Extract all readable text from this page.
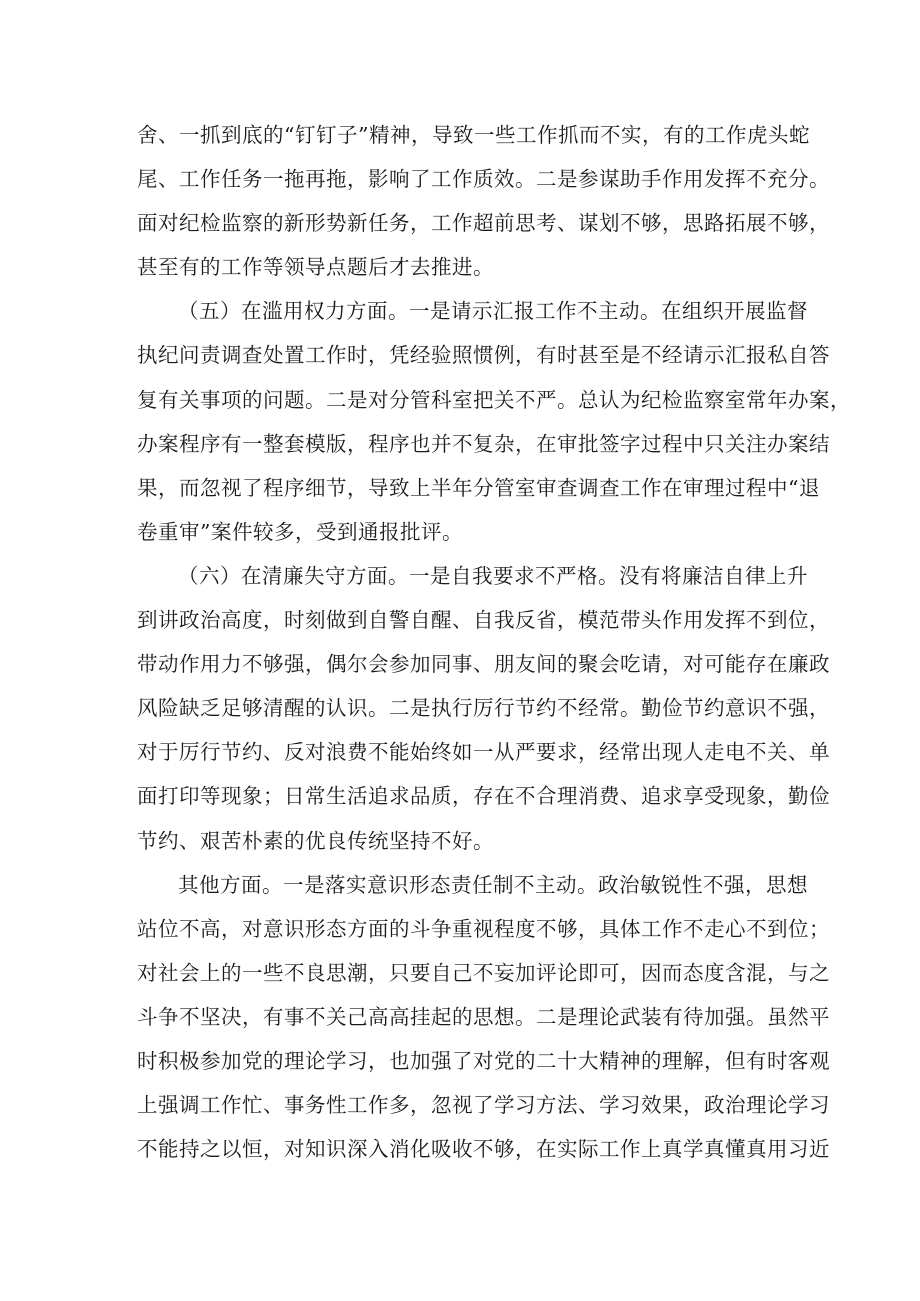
舍、一抓到底的“钉钉子”精神，导致一些工作抓而不实，有的工作虎头蛇
尾、工作任务一拖再拖，影响了工作质效。二是参谋助手作用发挥不充分。
面对纪检监察的新形势新任务，工作超前思考、谋划不够，思路拓展不够，
甚至有的工作等领导点题后才去推进。
（五）在滥用权力方面。一是请示汇报工作不主动。在组织开展监督
执纪问责调查处置工作时，凭经验照惯例，有时甚至是不经请示汇报私自答
复有关事项的问题。二是对分管科室把关不严。总认为纪检监察室常年办案，
办案程序有一整套模版，程序也并不复杂，在审批签字过程中只关注办案结
果，而忽视了程序细节，导致上半年分管室审查调查工作在审理过程中“退
卷重审”案件较多，受到通报批评。
（六）在清廉失守方面。一是自我要求不严格。没有将廉洁自律上升
到讲政治高度，时刻做到自警自醒、自我反省，模范带头作用发挥不到位，
带动作用力不够强，偶尔会参加同事、朋友间的聚会吃请，对可能存在廉政
风险缺乏足够清醒的认识。二是执行厉行节约不经常。勤俭节约意识不强，
对于厉行节约、反对浪费不能始终如一从严要求，经常出现人走电不关、单
面打印等现象；日常生活追求品质，存在不合理消费、追求享受现象，勤俭
节约、艰苦朴素的优良传统坚持不好。
其他方面。一是落实意识形态责任制不主动。政治敏锐性不强，思想
站位不高，对意识形态方面的斗争重视程度不够，具体工作不走心不到位；
对社会上的一些不良思潮，只要自己不妄加评论即可，因而态度含混，与之
斗争不坚决，有事不关己高高挂起的思想。二是理论武装有待加强。虽然平
时积极参加党的理论学习，也加强了对党的二十大精神的理解，但有时客观
上强调工作忙、事务性工作多，忽视了学习方法、学习效果，政治理论学习
不能持之以恒，对知识深入消化吸收不够，在实际工作上真学真懂真用习近
